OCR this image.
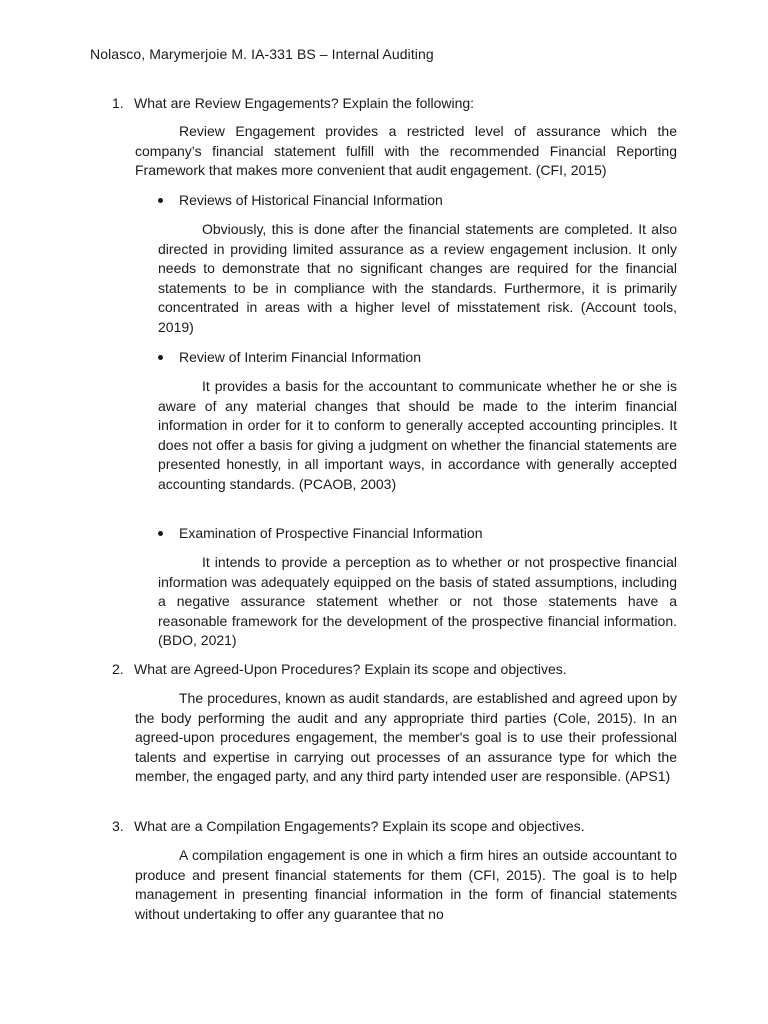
Nolasco, Marymerjoie M. IA-331 BS – Internal Auditing
1. What are Review Engagements? Explain the following:
Review Engagement provides a restricted level of assurance which the company’s financial statement fulfill with the recommended Financial Reporting Framework that makes more convenient that audit engagement. (CFI, 2015)
Reviews of Historical Financial Information
Obviously, this is done after the financial statements are completed. It also directed in providing limited assurance as a review engagement inclusion. It only needs to demonstrate that no significant changes are required for the financial statements to be in compliance with the standards. Furthermore, it is primarily concentrated in areas with a higher level of misstatement risk. (Account tools, 2019)
Review of Interim Financial Information
It provides a basis for the accountant to communicate whether he or she is aware of any material changes that should be made to the interim financial information in order for it to conform to generally accepted accounting principles. It does not offer a basis for giving a judgment on whether the financial statements are presented honestly, in all important ways, in accordance with generally accepted accounting standards. (PCAOB, 2003)
Examination of Prospective Financial Information
It intends to provide a perception as to whether or not prospective financial information was adequately equipped on the basis of stated assumptions, including a negative assurance statement whether or not those statements have a reasonable framework for the development of the prospective financial information. (BDO, 2021)
2. What are Agreed-Upon Procedures? Explain its scope and objectives.
The procedures, known as audit standards, are established and agreed upon by the body performing the audit and any appropriate third parties (Cole, 2015). In an agreed-upon procedures engagement, the member's goal is to use their professional talents and expertise in carrying out processes of an assurance type for which the member, the engaged party, and any third party intended user are responsible. (APS1)
3. What are a Compilation Engagements? Explain its scope and objectives.
A compilation engagement is one in which a firm hires an outside accountant to produce and present financial statements for them (CFI, 2015). The goal is to help management in presenting financial information in the form of financial statements without undertaking to offer any guarantee that no
